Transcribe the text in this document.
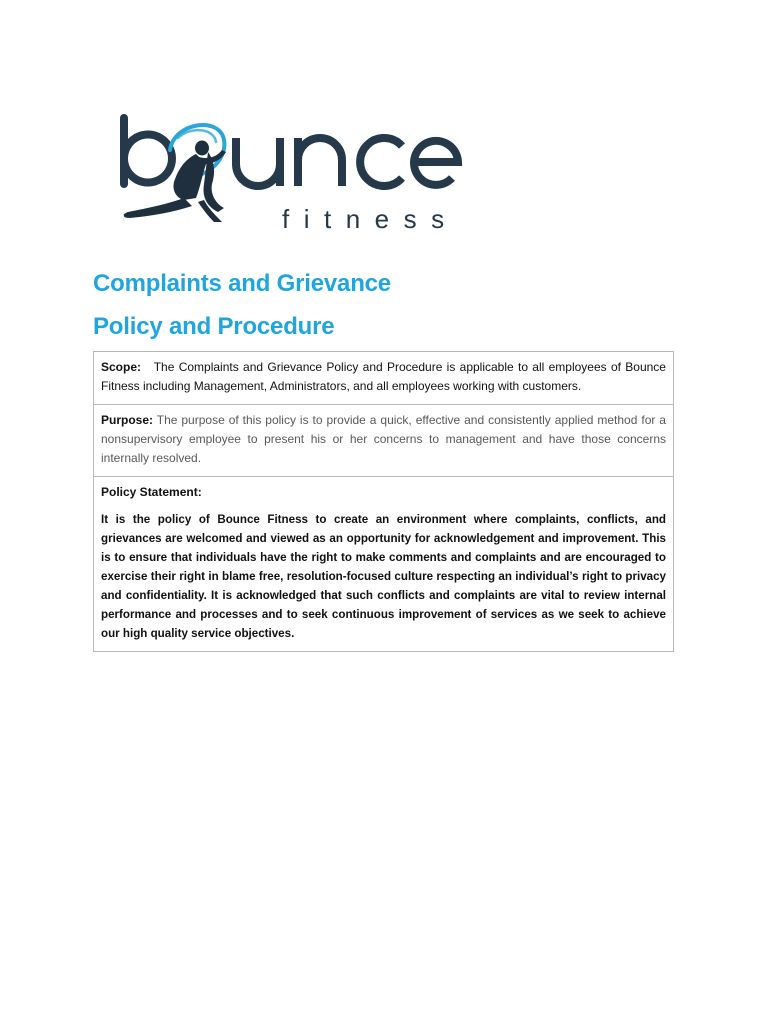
fitness

Complaints and Grievance

Policy and Procedure

Scope: The Complaints and Grievance Policy and Procedure is applicable to all employees of Bounce Fitness including Management, Administrators, and all employees working with customers.
Purpose: The purpose of this policy is to provide a quick, effective and consistently applied method for a nonsupervisory employee to present his or her concerns to management and have those concerns internally resolved.

Policy Statement:

It is the policy of Bounce Fitness to create an environment where complaints, conflicts, and grievances are welcomed and viewed as an opportunity for acknowledgement and improvement. This is to ensure that individuals have the right to make comments and complaints and are encouraged to exercise their right in blame free, resolution-focused culture respecting an individual’s right to privacy and confidentiality. It is acknowledged that such conflicts and complaints are vital to review internal performance and processes and to seek continuous improvement of services as we seek to achieve our high quality service objectives.
